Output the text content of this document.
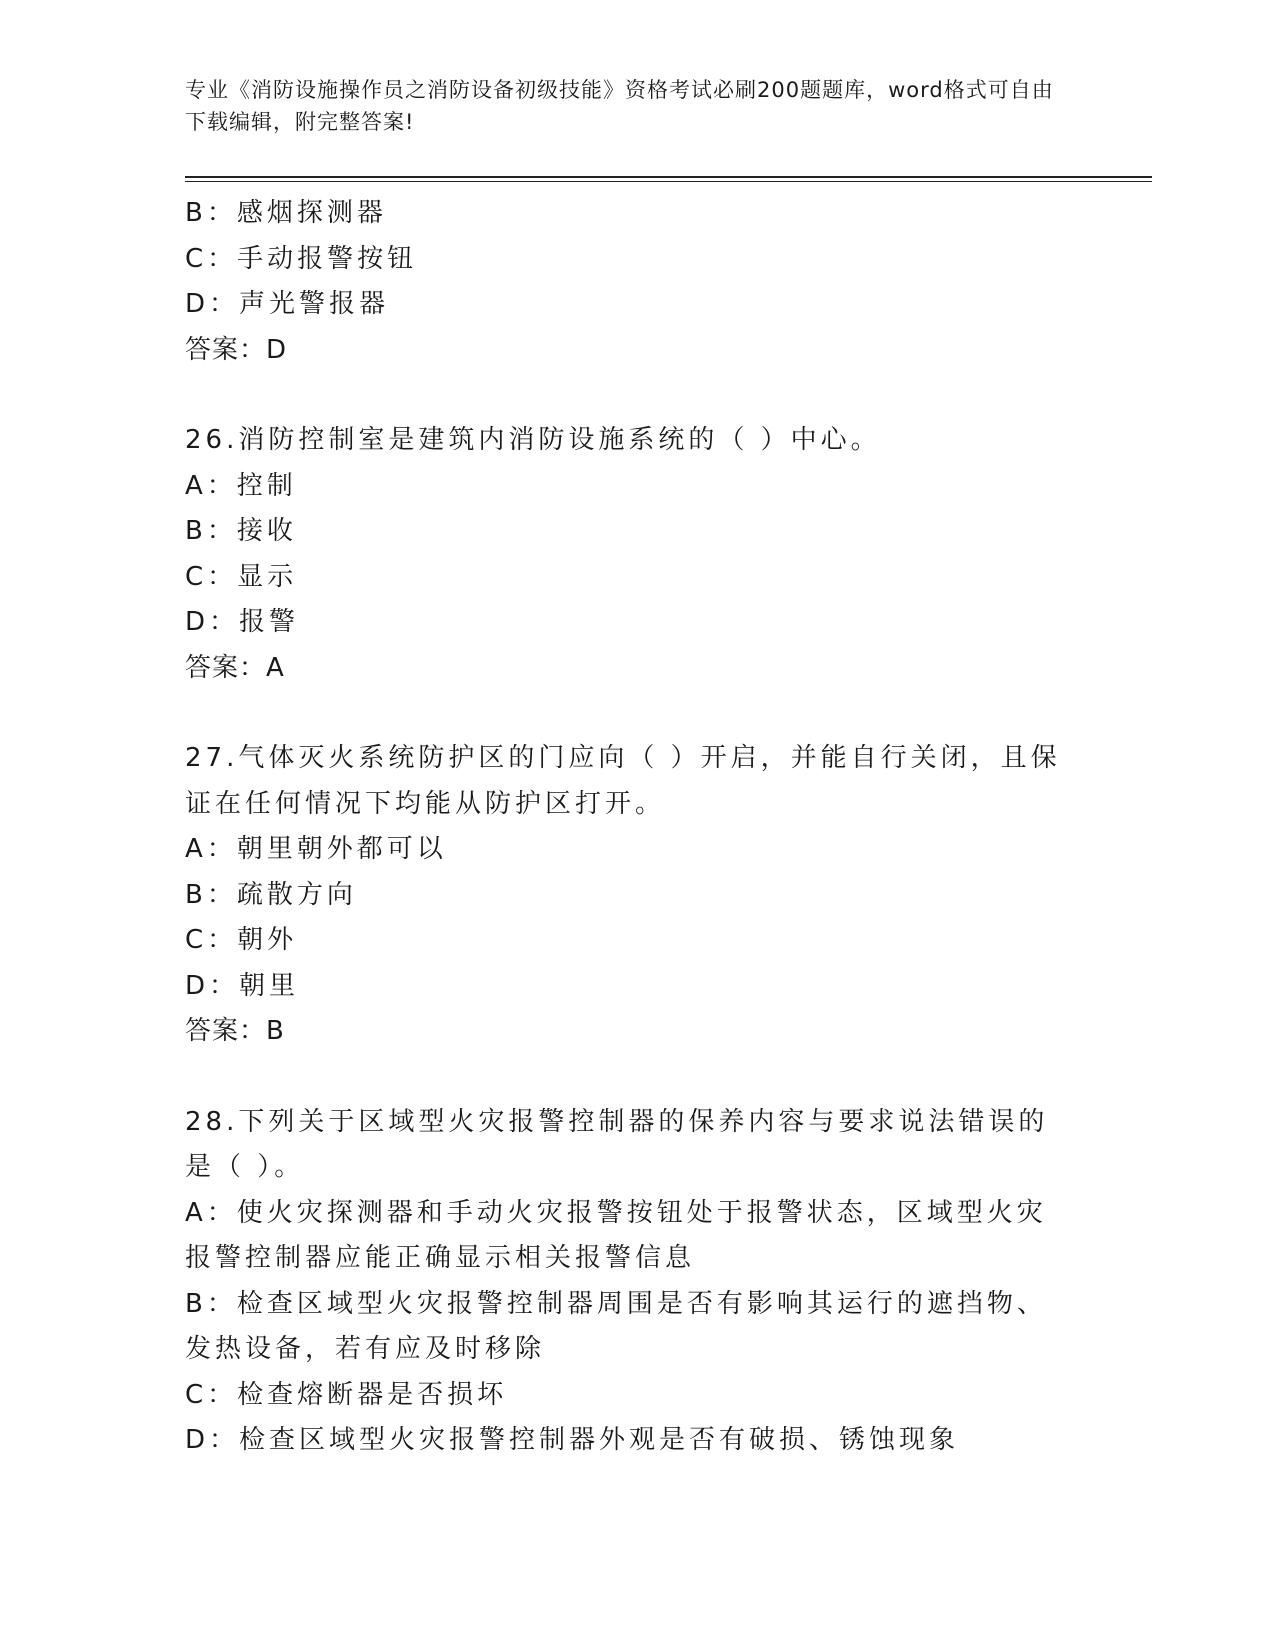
专业《消防设施操作员之消防设备初级技能》资格考试必刷200题题库，word格式可自由下载编辑，附完整答案!
B：感烟探测器
C：手动报警按钮
D：声光警报器
答案：D
26.消防控制室是建筑内消防设施系统的（ ）中心。
A：控制
B：接收
C：显示
D：报警
答案：A
27.气体灭火系统防护区的门应向（ ）开启，并能自行关闭，且保证在任何情况下均能从防护区打开。
A：朝里朝外都可以
B：疏散方向
C：朝外
D：朝里
答案：B
28.下列关于区域型火灾报警控制器的保养内容与要求说法错误的是（ ）。
A：使火灾探测器和手动火灾报警按钮处于报警状态，区域型火灾报警控制器应能正确显示相关报警信息
B：检查区域型火灾报警控制器周围是否有影响其运行的遮挡物、发热设备，若有应及时移除
C：检查熔断器是否损坏
D：检查区域型火灾报警控制器外观是否有破损、锈蚀现象
